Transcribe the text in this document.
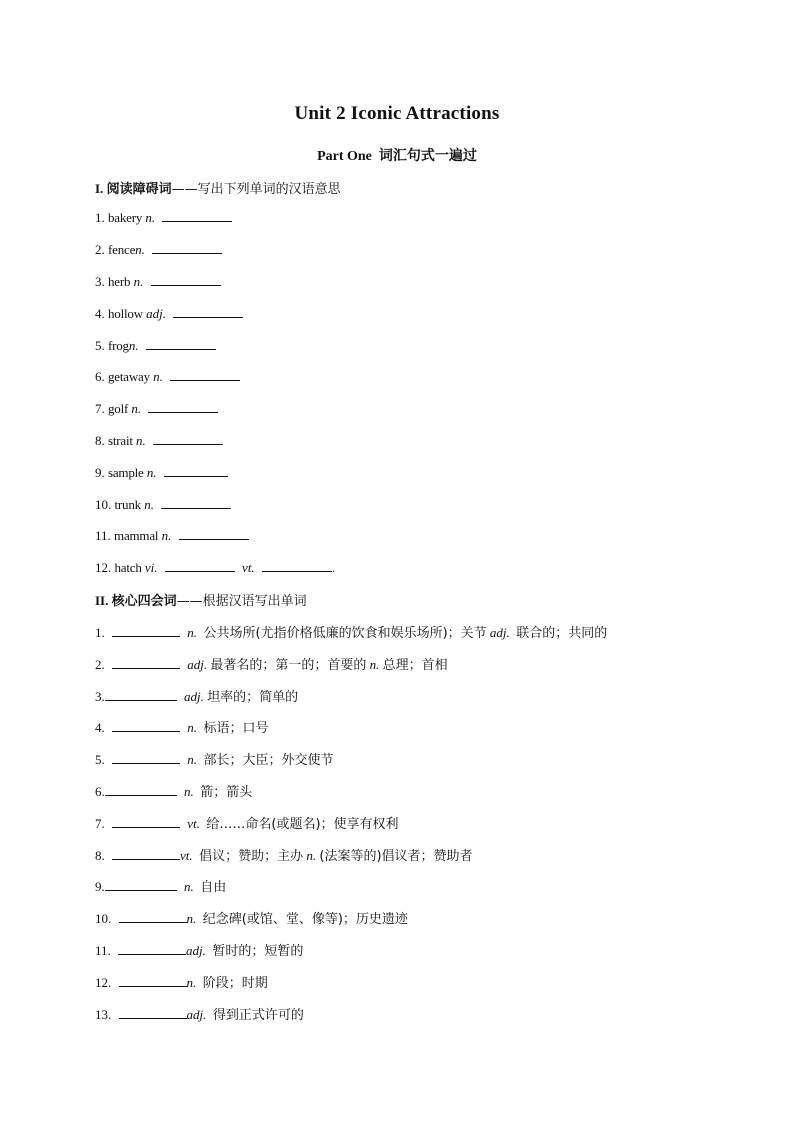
Unit 2 Iconic Attractions
Part One 词汇句式一遍过
I. 阅读障碍词——写出下列单词的汉语意思
1. bakery n.
2. fencen.
3. herb n.
4. hollow adj.
5. frogn.
6. getaway n.
7. golf n.
8. strait n.
9. sample n.
10. trunk n.
11. mammal n.
12. hatch vi.	vt.	.
II. 核心四会词——根据汉语写出单词
1.	n. 公共场所(尤指价格低廉的饮食和娱乐场所)；关节 adj. 联合的；共同的
2.	adj. 最著名的；第一的；首要的 n. 总理；首相
3.	adj. 坦率的；简单的
4.	n. 标语；口号
5.	n. 部长；大臣；外交使节
6.	n. 箭；箭头
7.	vt. 给……命名(或题名)；使享有权利
8.	vt. 倡议；赞助；主办 n. (法案等的)倡议者；赞助者
9.	n. 自由
10.	n. 纪念碑(或馆、堂、像等)；历史遗迹
11.	adj. 暂时的；短暂的
12.	n. 阶段；时期
13.	adj. 得到正式许可的
